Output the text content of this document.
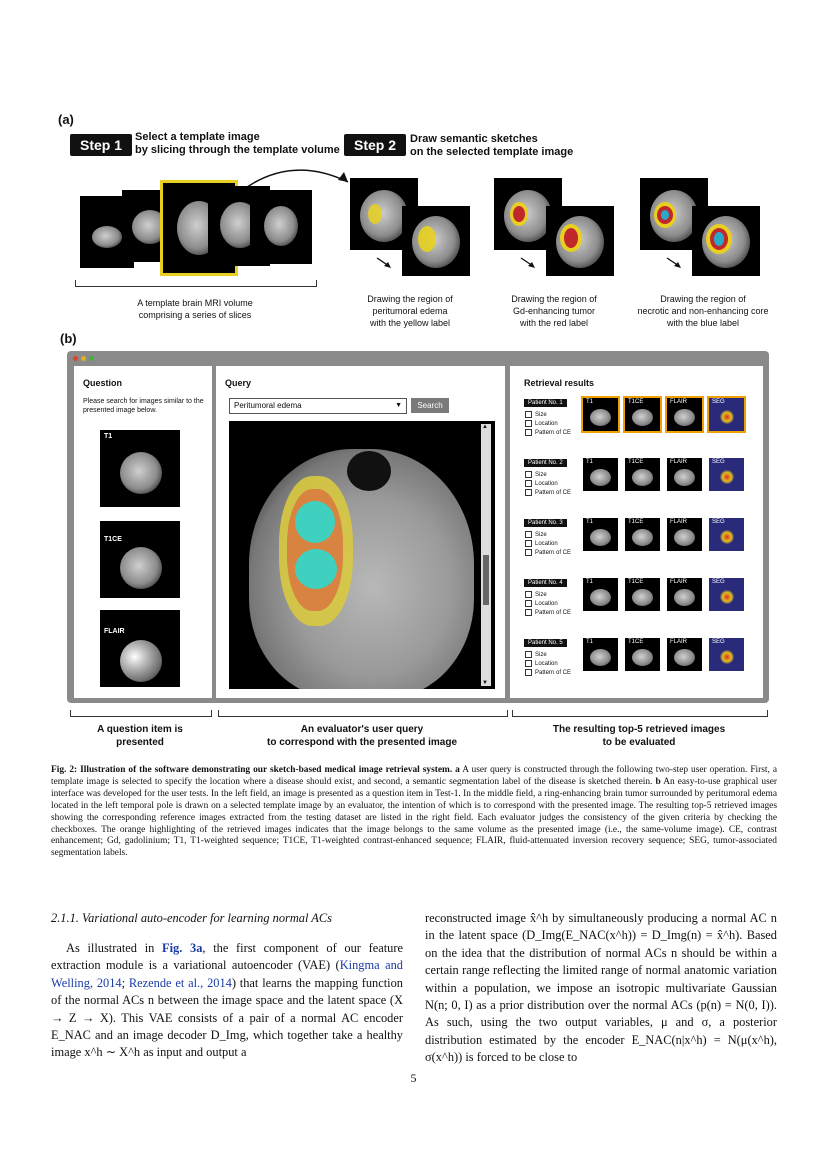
(a)
Step 1	Select a template image
by slicing through the template volume	Step 2	Draw semantic sketches
on the selected template image
A template brain MRI volume
comprising a series of slices
Drawing the region of
peritumoral edema
with the yellow label
Drawing the region of
Gd-enhancing tumor
with the red label
Drawing the region of
necrotic and non-enhancing core
with the blue label
(b)
Question
Please search for images similar to the presented image below.
T1
T1CE
FLAIR
Query
Peritumoral edema	▼	Search
▲
▼
Retrieval results
Patient No. 1
Size
Location
Pattern of CE
T1	T1CE	FLAIR	SEG
Patient No. 2
Size
Location
Pattern of CE
T1	T1CE	FLAIR	SEG
Patient No. 3
Size
Location
Pattern of CE
T1	T1CE	FLAIR	SEG
Patient No. 4
Size
Location
Pattern of CE
T1	T1CE	FLAIR	SEG
Patient No. 5
Size
Location
Pattern of CE
T1	T1CE	FLAIR	SEG
A question item is
presented
An evaluator's user query
to correspond with the presented image
The resulting top-5 retrieved images
to be evaluated
Fig. 2: Illustration of the software demonstrating our sketch-based medical image retrieval system. a A user query is constructed through the following two-step user operation. First, a template image is selected to specify the location where a disease should exist, and second, a semantic segmentation label of the disease is sketched therein. b An easy-to-use graphical user interface was developed for the user tests. In the left field, an image is presented as a question item in Test-1. In the middle field, a ring-enhancing brain tumor surrounded by peritumoral edema located in the left temporal pole is drawn on a selected template image by an evaluator, the intention of which is to correspond with the presented image. The resulting top-5 retrieved images showing the corresponding reference images extracted from the testing dataset are listed in the right field. Each evaluator judges the consistency of the given criteria by checking the checkboxes. The orange highlighting of the retrieved images indicates that the image belongs to the same volume as the presented image (i.e., the same-volume image). CE, contrast enhancement; Gd, gadolinium; T1, T1-weighted sequence; T1CE, T1-weighted contrast-enhanced sequence; FLAIR, fluid-attenuated inversion recovery sequence; SEG, tumor-associated segmentation labels.
2.1.1. Variational auto-encoder for learning normal ACs
As illustrated in Fig. 3a, the first component of our feature extraction module is a variational autoencoder (VAE) (Kingma and Welling, 2014; Rezende et al., 2014) that learns the mapping function of the normal ACs n between the image space and the latent space (X → Z → X). This VAE consists of a pair of a normal AC encoder E_NAC and an image decoder D_Img, which together take a healthy image x^h ∼ X^h as input and output a
reconstructed image x̂^h by simultaneously producing a normal AC n in the latent space (D_Img(E_NAC(x^h)) = D_Img(n) = x̂^h). Based on the idea that the distribution of normal ACs n should be within a certain range reflecting the limited range of normal anatomic variation within a population, we impose an isotropic multivariate Gaussian N(n; 0, I) as a prior distribution over the normal ACs (p(n) = N(0, I)). As such, using the two output variables, μ and σ, a posterior distribution estimated by the encoder E_NAC(n|x^h) = N(μ(x^h), σ(x^h)) is forced to be close to
5
